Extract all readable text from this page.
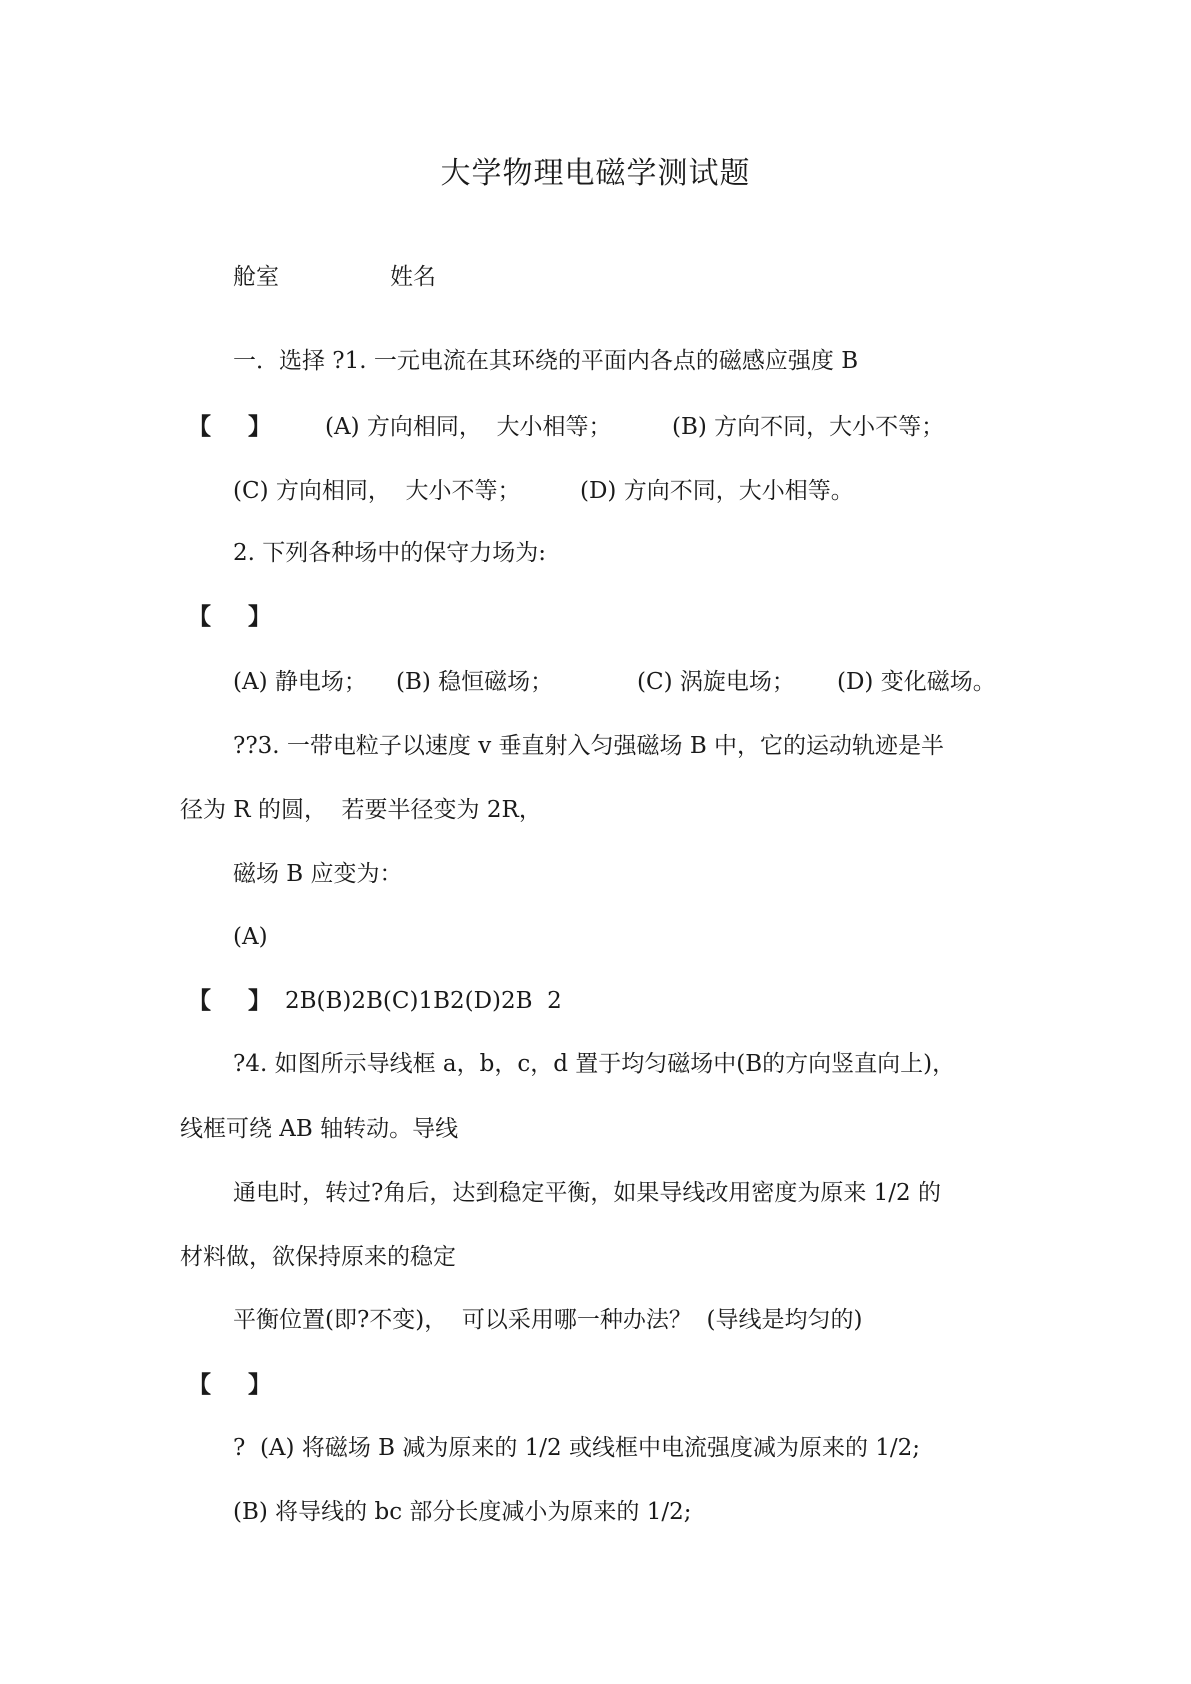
大学物理电磁学测试题
舱室	姓名
一．选择 ?1. 一元电流在其环绕的平面内各点的磁感应强度 B
【 】 (A) 方向相同，  大小相等；	(B) 方向不同，大小不等；
(C) 方向相同，  大小不等；	(D) 方向不同，大小相等。
2. 下列各种场中的保守力场为:
【 】
(A) 静电场； (B) 稳恒磁场；	(C) 涡旋电场； (D) 变化磁场。
??3. 一带电粒子以速度 v 垂直射入匀强磁场 B 中，它的运动轨迹是半
径为 R 的圆，  若要半径变为 2R，
磁场 B 应变为：
(A)
【 】 2B(B)2B(C)1B2(D)2B  2
?4. 如图所示导线框 a，b，c，d 置于均匀磁场中(B的方向竖直向上)，
线框可绕 AB 轴转动。导线
通电时，转过?角后，达到稳定平衡，如果导线改用密度为原来 1/2 的
材料做，欲保持原来的稳定
平衡位置(即?不变)，  可以采用哪一种办法？  (导线是均匀的)
【 】
?  (A) 将磁场 B 减为原来的 1/2 或线框中电流强度减为原来的 1/2;
(B) 将导线的 bc 部分长度减小为原来的 1/2;
